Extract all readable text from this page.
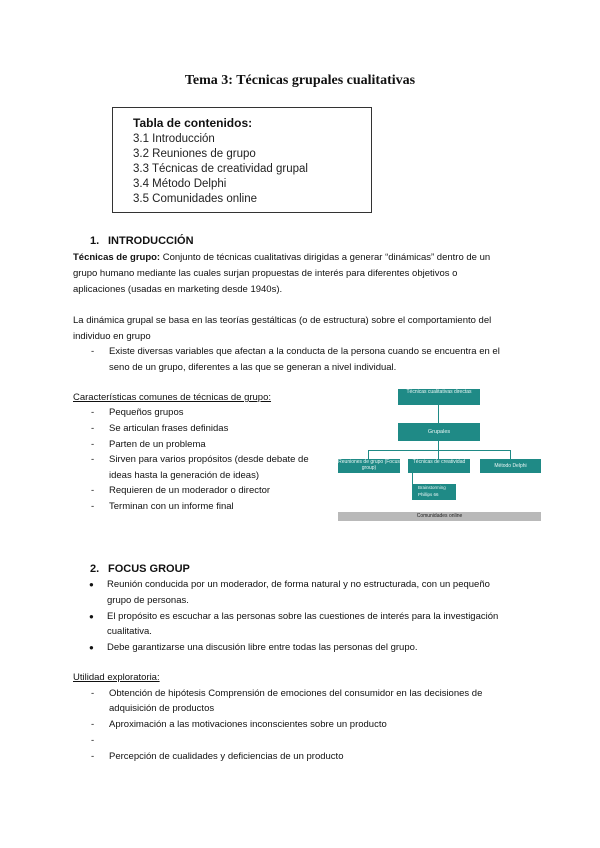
Tema 3: Técnicas grupales cualitativas
Tabla de contenidos:
3.1 Introducción
3.2 Reuniones de grupo
3.3 Técnicas de creatividad grupal
3.4 Método Delphi
3.5 Comunidades online
1. INTRODUCCIÓN
Técnicas de grupo: Conjunto de técnicas cualitativas dirigidas a generar “dinámicas” dentro de un
grupo humano mediante las cuales surjan propuestas de interés para diferentes objetivos o
aplicaciones (usadas en marketing desde 1940s).
La dinámica grupal se basa en las teorías gestálticas (o de estructura) sobre el comportamiento del
individuo en grupo
- Existe diversas variables que afectan a la conducta de la persona cuando se encuentra en el
seno de un grupo, diferentes a las que se generan a nivel individual.
Características comunes de técnicas de grupo:
- Pequeños grupos
- Se articulan frases definidas
- Parten de un problema
- Sirven para varios propósitos (desde debate de
ideas hasta la generación de ideas)
- Requieren de un moderador o director
- Terminan con un informe final
Técnicas cualitativas directas
Grupales
Reuniones de grupo (Focus group)
Técnicas de creatividad
Método Delphi
Brainstorming
Phillips 66
Comunidades online
2. FOCUS GROUP
● Reunión conducida por un moderador, de forma natural y no estructurada, con un pequeño
grupo de personas.
● El propósito es escuchar a las personas sobre las cuestiones de interés para la investigación
cualitativa.
● Debe garantizarse una discusión libre entre todas las personas del grupo.
Utilidad exploratoria:
- Obtención de hipótesis Comprensión de emociones del consumidor en las decisiones de
adquisición de productos
- Aproximación a las motivaciones inconscientes sobre un producto
-
- Percepción de cualidades y deficiencias de un producto
